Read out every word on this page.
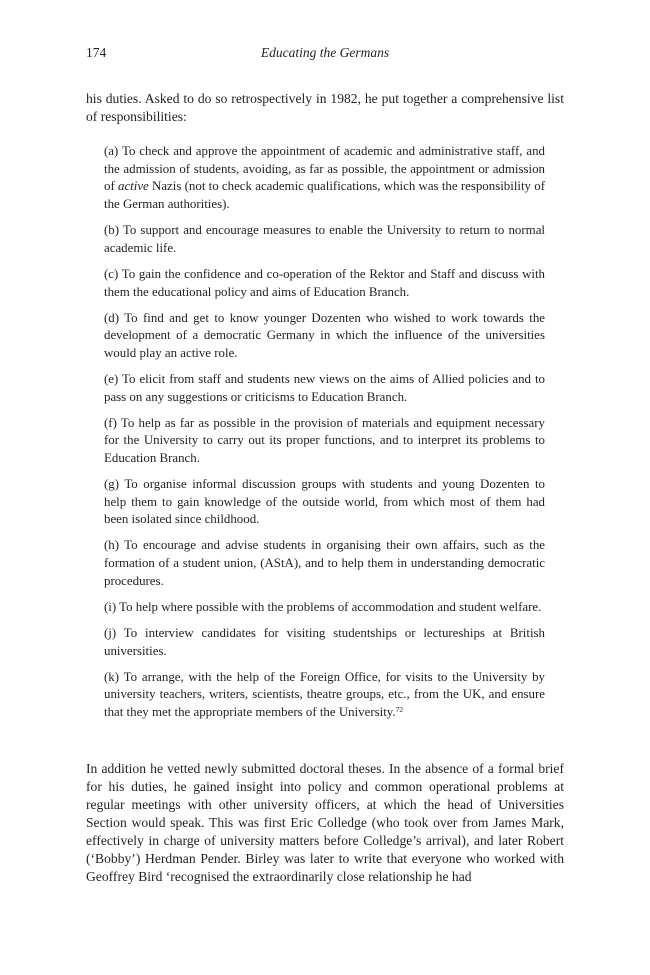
174	Educating the Germans

his duties. Asked to do so retrospectively in 1982, he put together a comprehensive list of responsibilities:

(a) To check and approve the appointment of academic and administrative staff, and the admission of students, avoiding, as far as possible, the appointment or admission of active Nazis (not to check academic qualifications, which was the responsibility of the German authorities).

(b) To support and encourage measures to enable the University to return to normal academic life.

(c) To gain the confidence and co-operation of the Rektor and Staff and discuss with them the educational policy and aims of Education Branch.

(d) To find and get to know younger Dozenten who wished to work towards the development of a democratic Germany in which the influence of the universities would play an active role.

(e) To elicit from staff and students new views on the aims of Allied policies and to pass on any suggestions or criticisms to Education Branch.

(f) To help as far as possible in the provision of materials and equipment necessary for the University to carry out its proper functions, and to interpret its problems to Education Branch.

(g) To organise informal discussion groups with students and young Dozenten to help them to gain knowledge of the outside world, from which most of them had been isolated since childhood.

(h) To encourage and advise students in organising their own affairs, such as the formation of a student union, (AStA), and to help them in understanding democratic procedures.

(i) To help where possible with the problems of accommodation and student welfare.

(j) To interview candidates for visiting studentships or lectureships at British universities.

(k) To arrange, with the help of the Foreign Office, for visits to the University by university teachers, writers, scientists, theatre groups, etc., from the UK, and ensure that they met the appropriate members of the University.$^{72}$

In addition he vetted newly submitted doctoral theses. In the absence of a formal brief for his duties, he gained insight into policy and common operational problems at regular meetings with other university officers, at which the head of Universities Section would speak. This was first Eric Colledge (who took over from James Mark, effectively in charge of university matters before Colledge’s arrival), and later Robert (‘Bobby’) Herdman Pender. Birley was later to write that everyone who worked with Geoffrey Bird ‘recognised the extraordinarily close relationship he had
